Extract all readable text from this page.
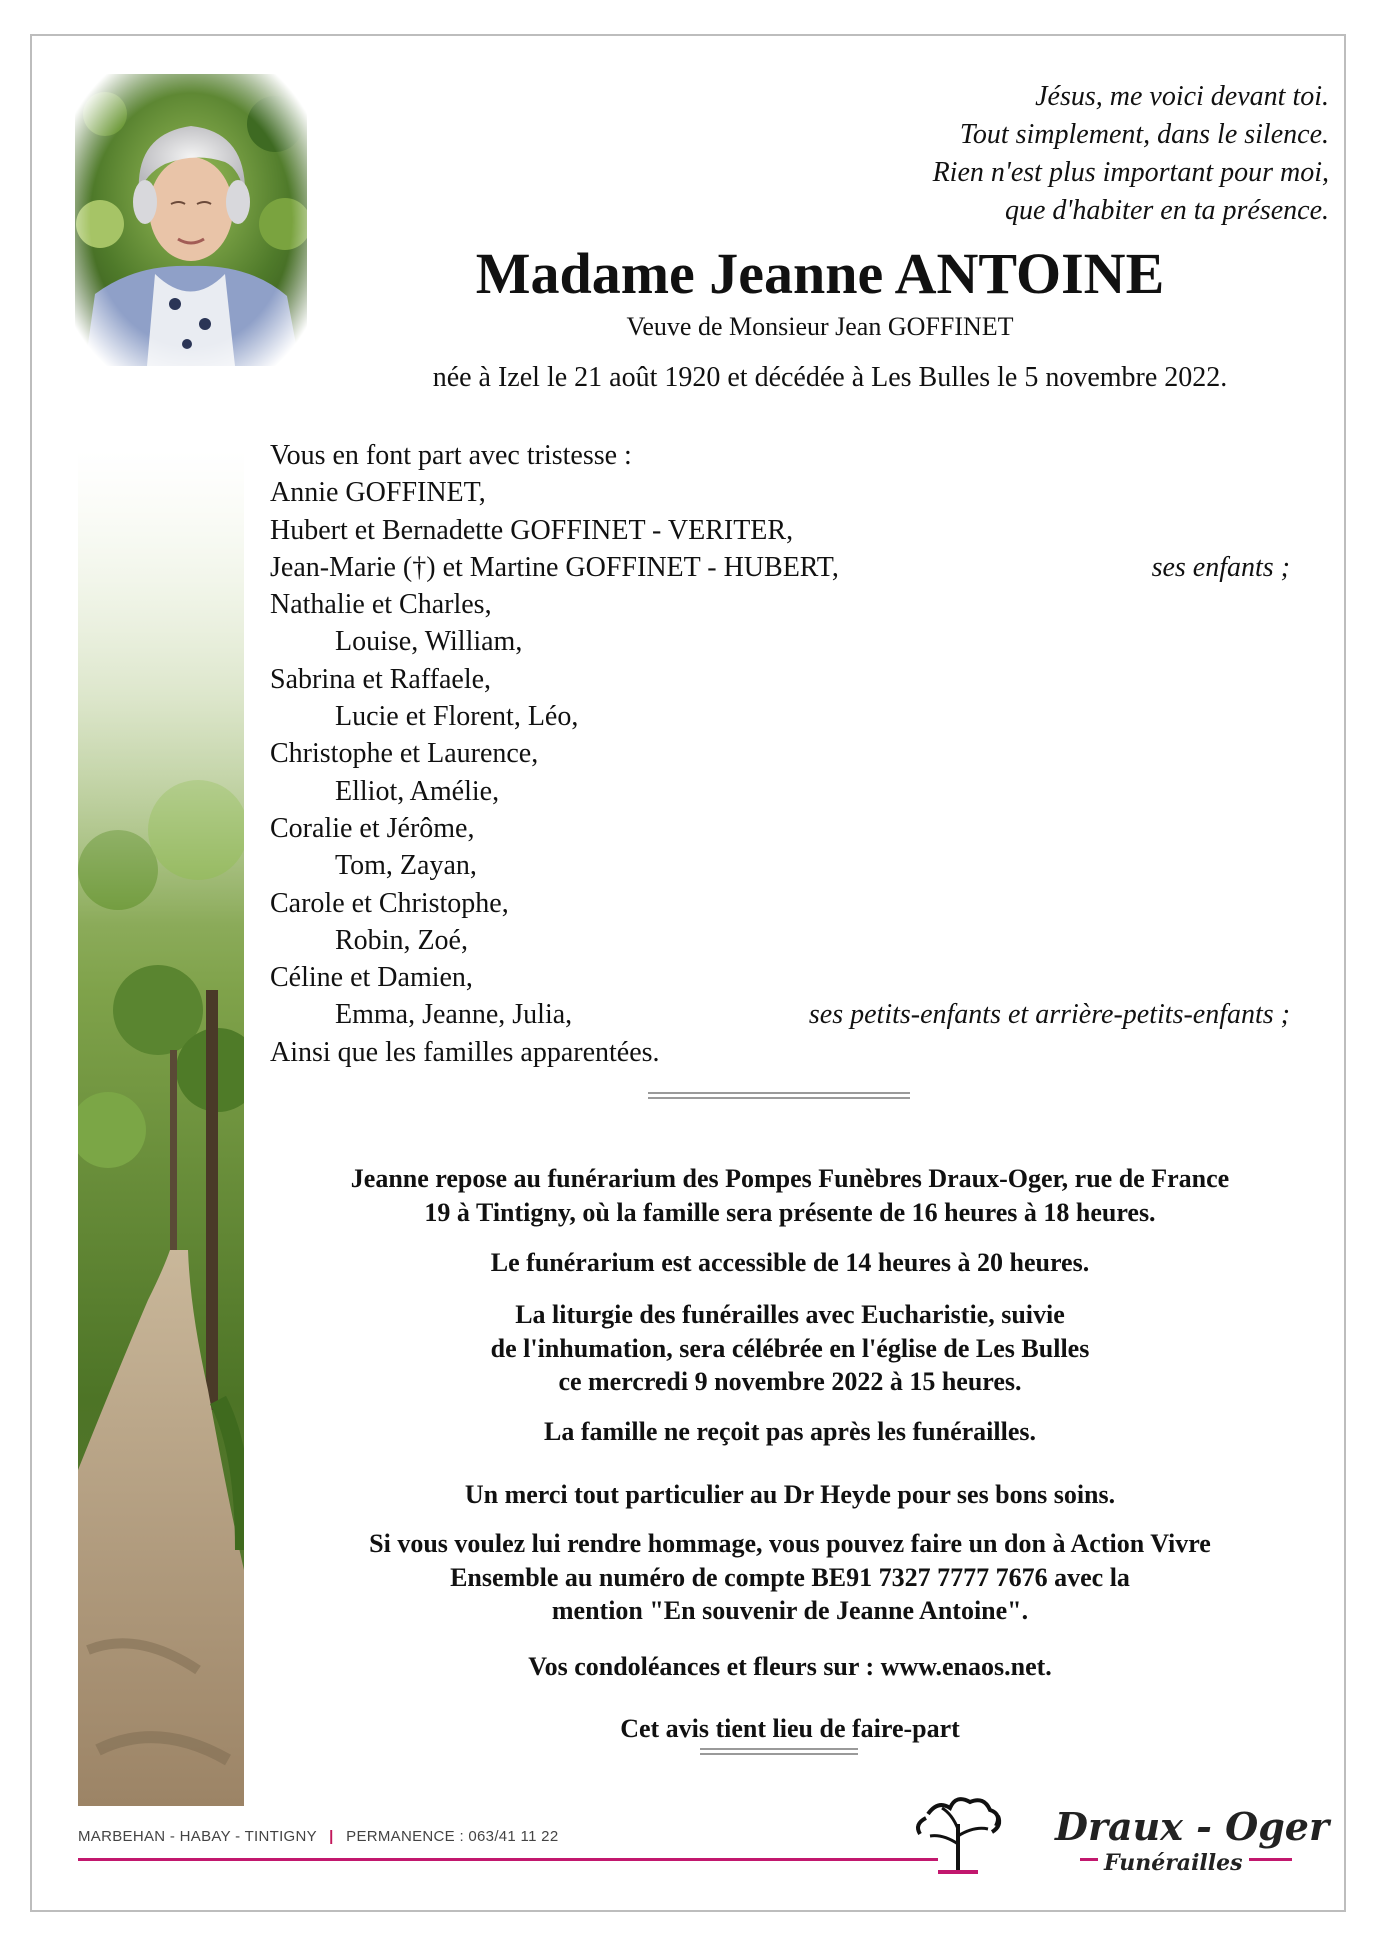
Jésus, me voici devant toi.
Tout simplement, dans le silence.
Rien n'est plus important pour moi,
que d'habiter en ta présence.
Madame Jeanne ANTOINE
Veuve de Monsieur Jean GOFFINET
née à Izel le 21 août 1920 et décédée à Les Bulles le 5 novembre 2022.
Vous en font part avec tristesse :
Annie GOFFINET,
Hubert et Bernadette GOFFINET - VERITER,
Jean-Marie (†) et Martine GOFFINET - HUBERT,	ses enfants ;
Nathalie et Charles,
Louise, William,
Sabrina et Raffaele,
Lucie et Florent, Léo,
Christophe et Laurence,
Elliot, Amélie,
Coralie et Jérôme,
Tom, Zayan,
Carole et Christophe,
Robin, Zoé,
Céline et Damien,
Emma, Jeanne, Julia,	ses petits-enfants et arrière-petits-enfants ;
Ainsi que les familles apparentées.
Jeanne repose au funérarium des Pompes Funèbres Draux-Oger, rue de France
19 à Tintigny, où la famille sera présente de 16 heures à 18 heures.
Le funérarium est accessible de 14 heures à 20 heures.
La liturgie des funérailles avec Eucharistie, suivie
de l'inhumation, sera célébrée en l'église de Les Bulles
ce mercredi 9 novembre 2022 à 15 heures.
La famille ne reçoit pas après les funérailles.
Un merci tout particulier au Dr Heyde pour ses bons soins.
Si vous voulez lui rendre hommage, vous pouvez faire un don à Action Vivre
Ensemble au numéro de compte BE91 7327 7777 7676 avec la
mention "En souvenir de Jeanne Antoine".
Vos condoléances et fleurs sur : www.enaos.net.
Cet avis tient lieu de faire-part
MARBEHAN - HABAY - TINTIGNY | PERMANENCE : 063/41 11 22	Draux - Oger
Funérailles
